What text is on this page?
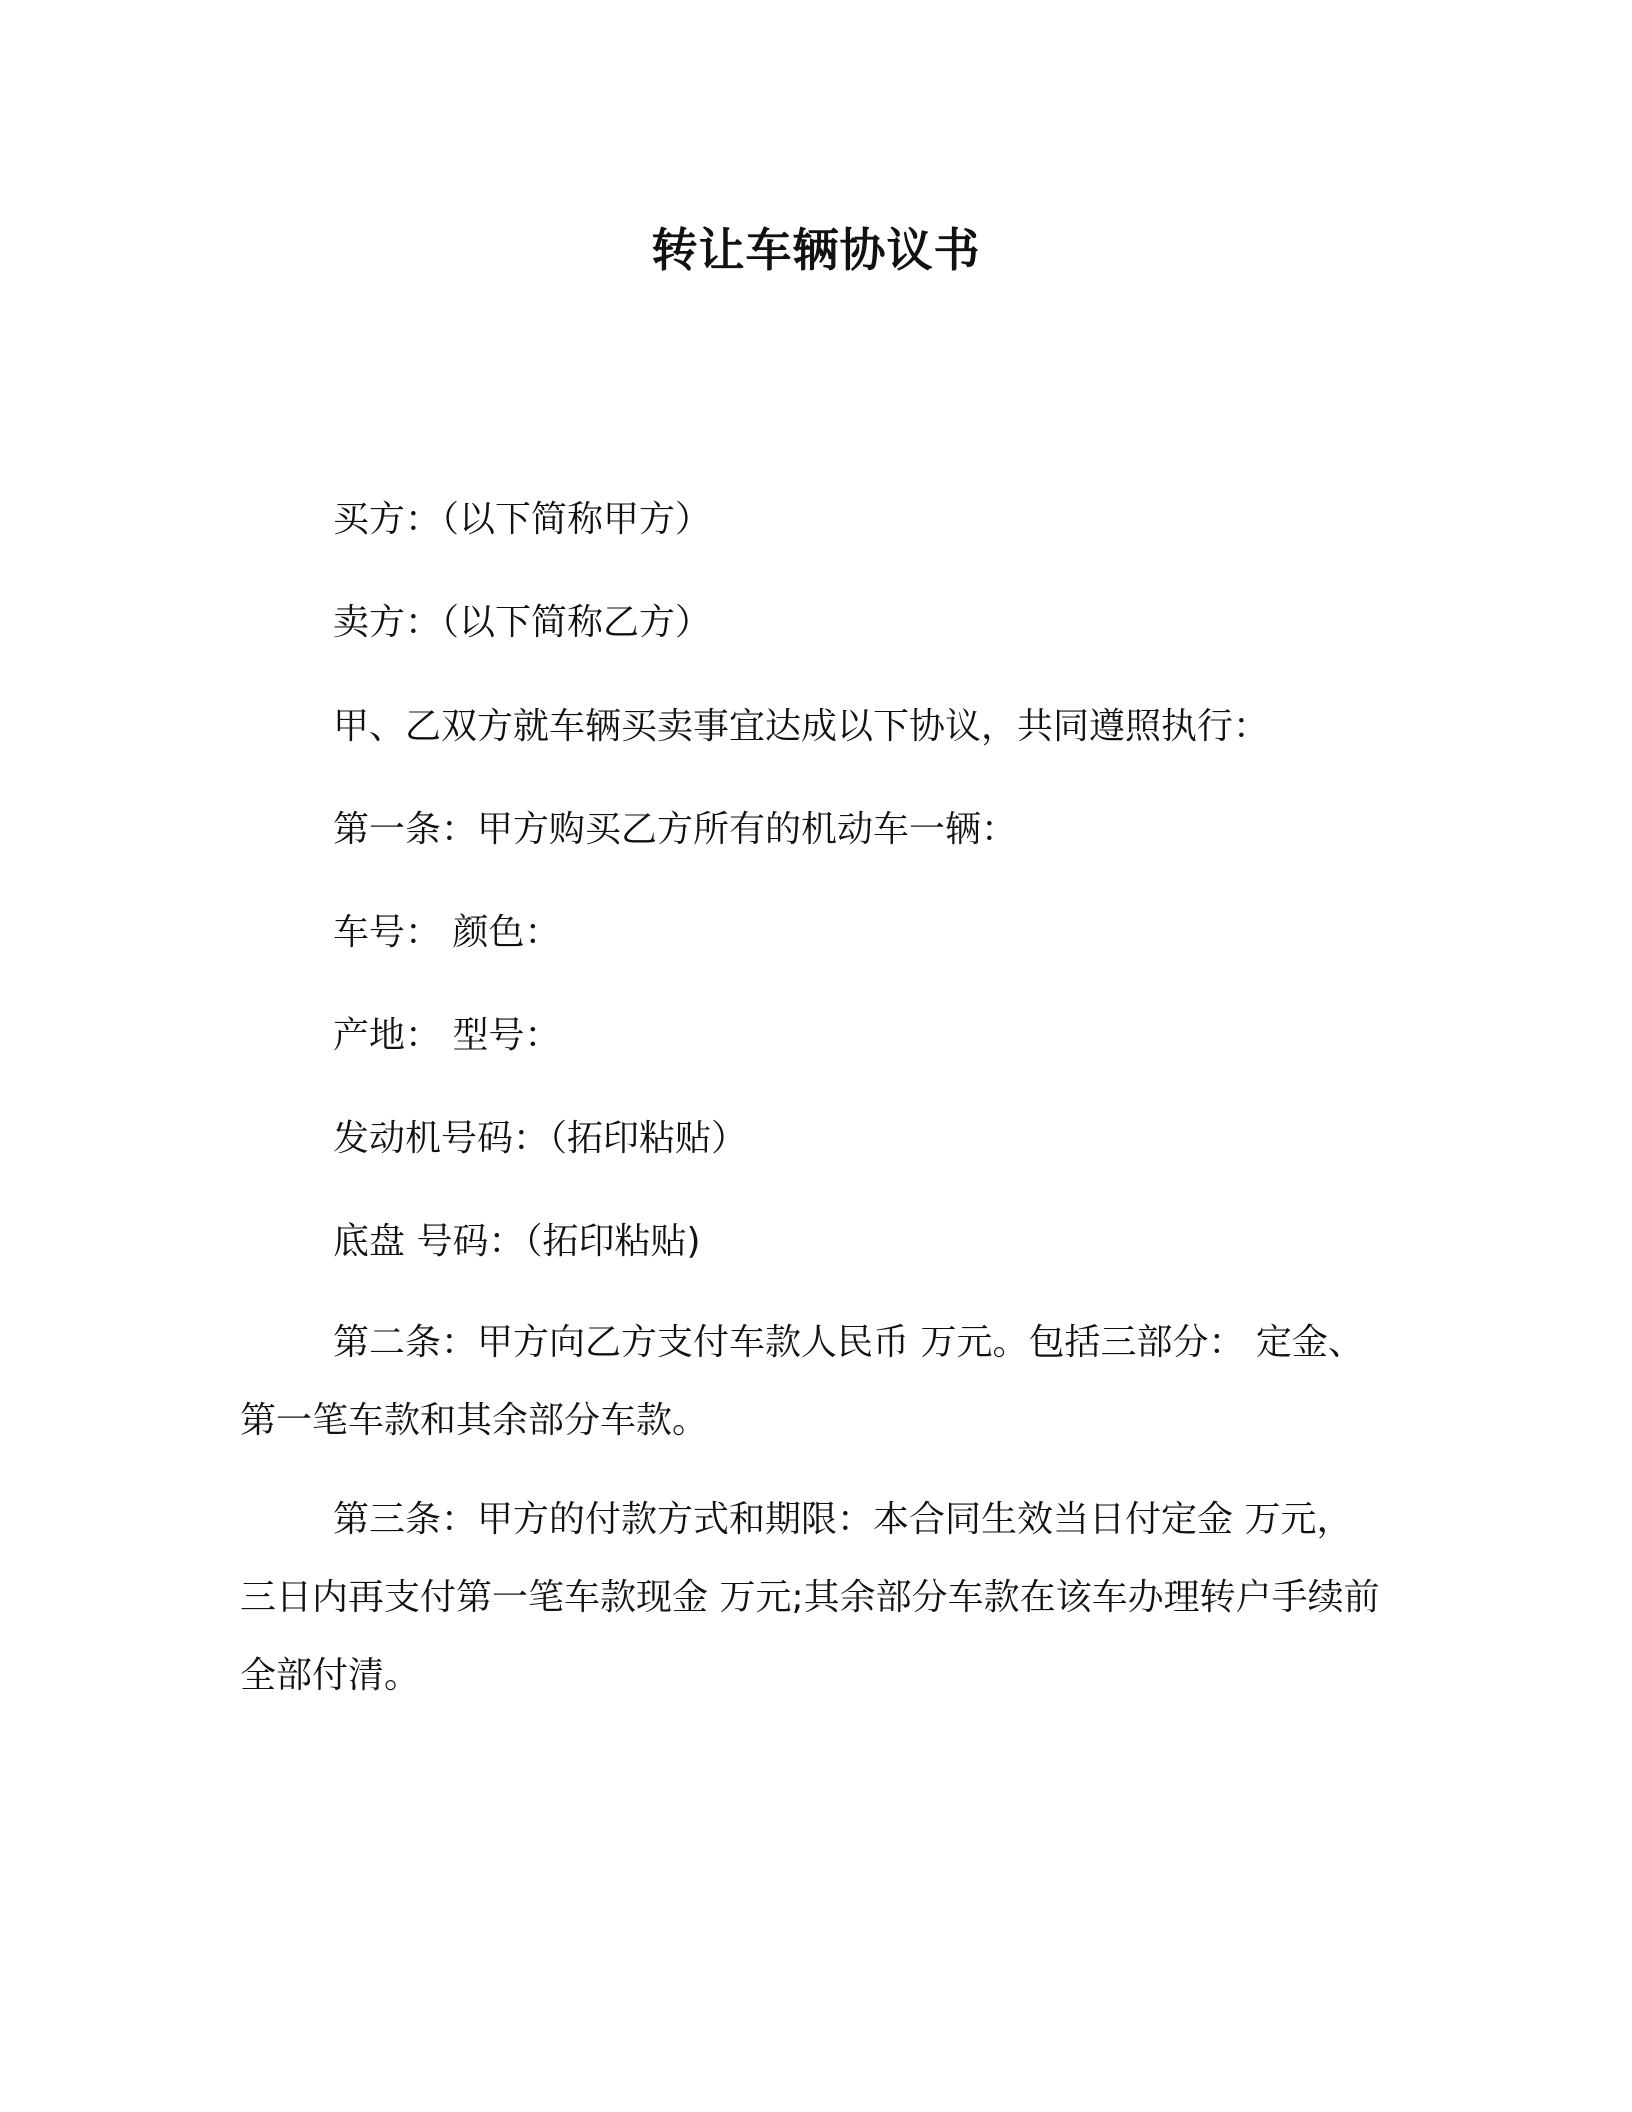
转让车辆协议书
买方：（以下简称甲方）
卖方：（以下简称乙方）
甲、乙双方就车辆买卖事宜达成以下协议，共同遵照执行：
第一条：甲方购买乙方所有的机动车一辆：
车号： 颜色：
产地： 型号：
发动机号码：（拓印粘贴）
底盘 号码：（拓印粘贴)
第二条：甲方向乙方支付车款人民币 万元。包括三部分： 定金、第一笔车款和其余部分车款。
第三条：甲方的付款方式和期限：本合同生效当日付定金 万元，三日内再支付第一笔车款现金 万元;其余部分车款在该车办理转户手续前全部付清。
